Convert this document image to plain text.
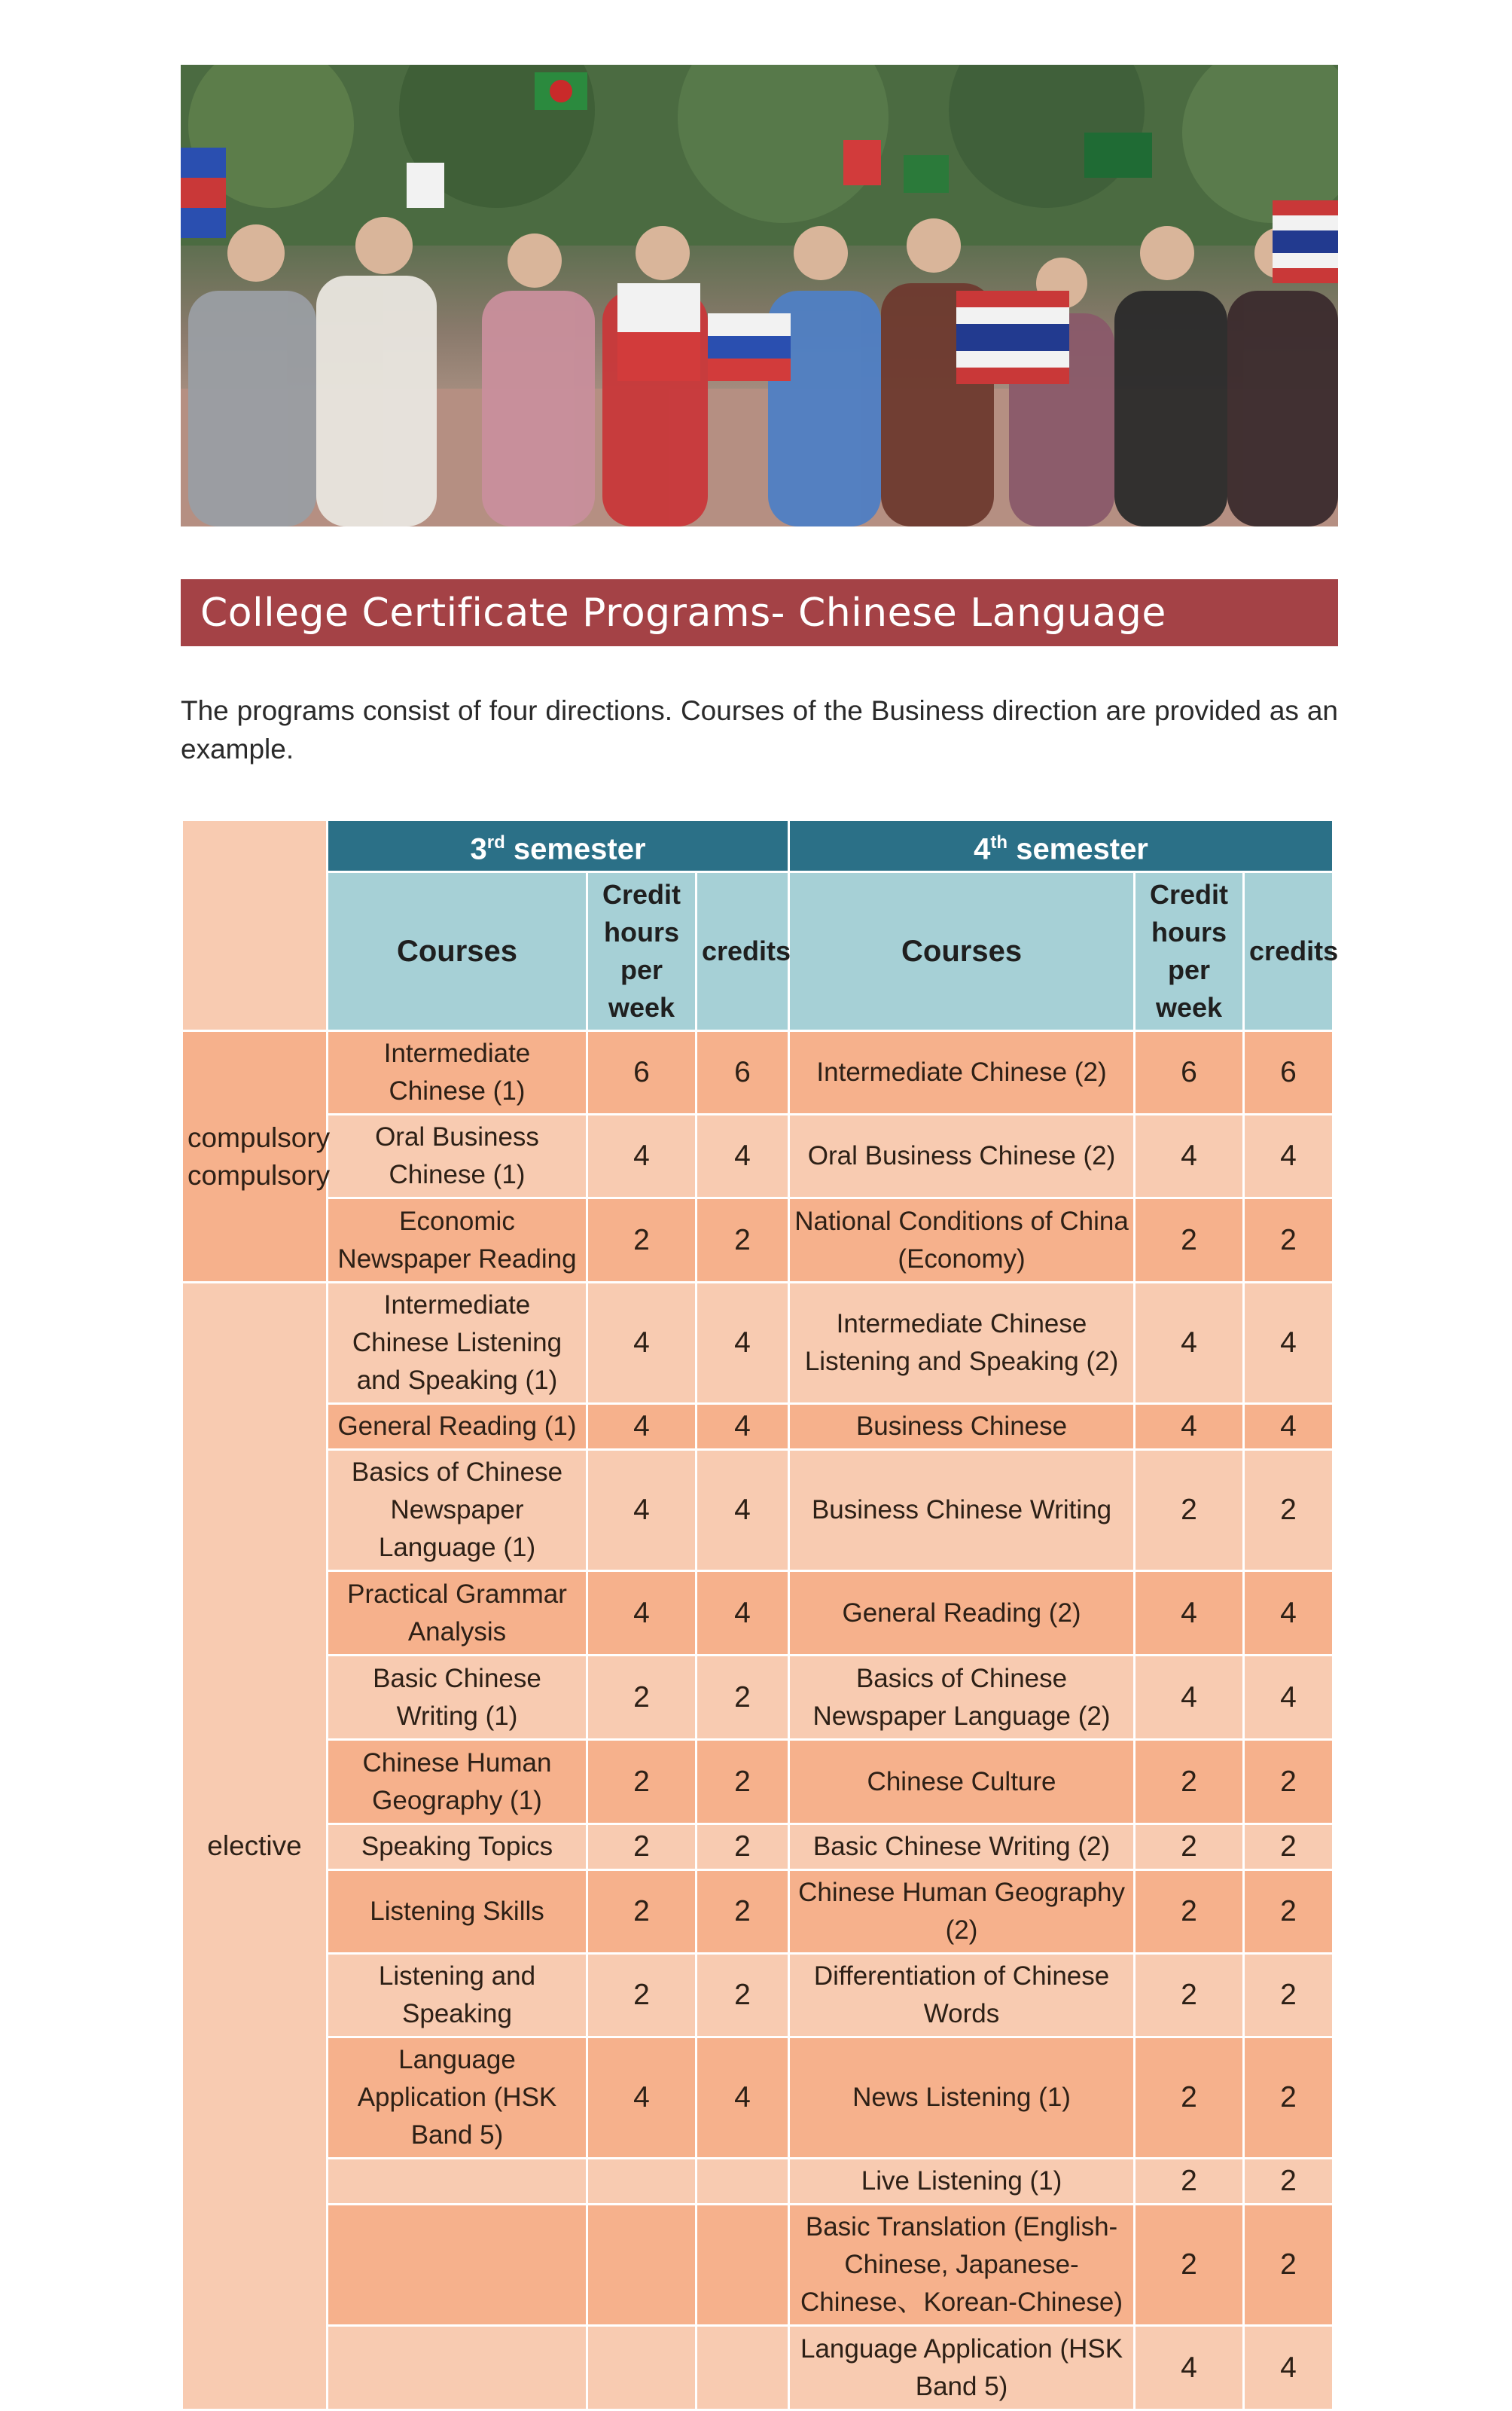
College Certificate Programs- Chinese Language
The programs consist of four directions. Courses of the Business direction are provided as an example.
	3rd semester			4th semester		
	Courses	Credit hours per week	credits	Courses	Credit hours per week	credits
compulsory compulsory	Intermediate Chinese (1)	6	6	Intermediate Chinese (2)	6	6
	Oral Business Chinese (1)	4	4	Oral Business Chinese (2)	4	4
	Economic Newspaper Reading	2	2	National Conditions of China (Economy)	2	2
elective	Intermediate Chinese Listening and Speaking (1)	4	4	Intermediate Chinese Listening and Speaking (2)	4	4
	General Reading (1)	4	4	Business Chinese	4	4
	Basics of Chinese Newspaper Language (1)	4	4	Business Chinese Writing	2	2
	Practical Grammar Analysis	4	4	General Reading (2)	4	4
	Basic Chinese Writing (1)	2	2	Basics of Chinese Newspaper Language (2)	4	4
	Chinese Human Geography (1)	2	2	Chinese Culture	2	2
	Speaking Topics	2	2	Basic Chinese Writing (2)	2	2
	Listening Skills	2	2	Chinese Human Geography (2)	2	2
	Listening and Speaking	2	2	Differentiation of Chinese Words	2	2
	Language Application (HSK Band 5)	4	4	News Listening (1)	2	2
				Live Listening (1)	2	2
				Basic Translation (English-Chinese, Japanese-Chinese、Korean-Chinese)	2	2
				Language Application (HSK Band 5)	4	4
